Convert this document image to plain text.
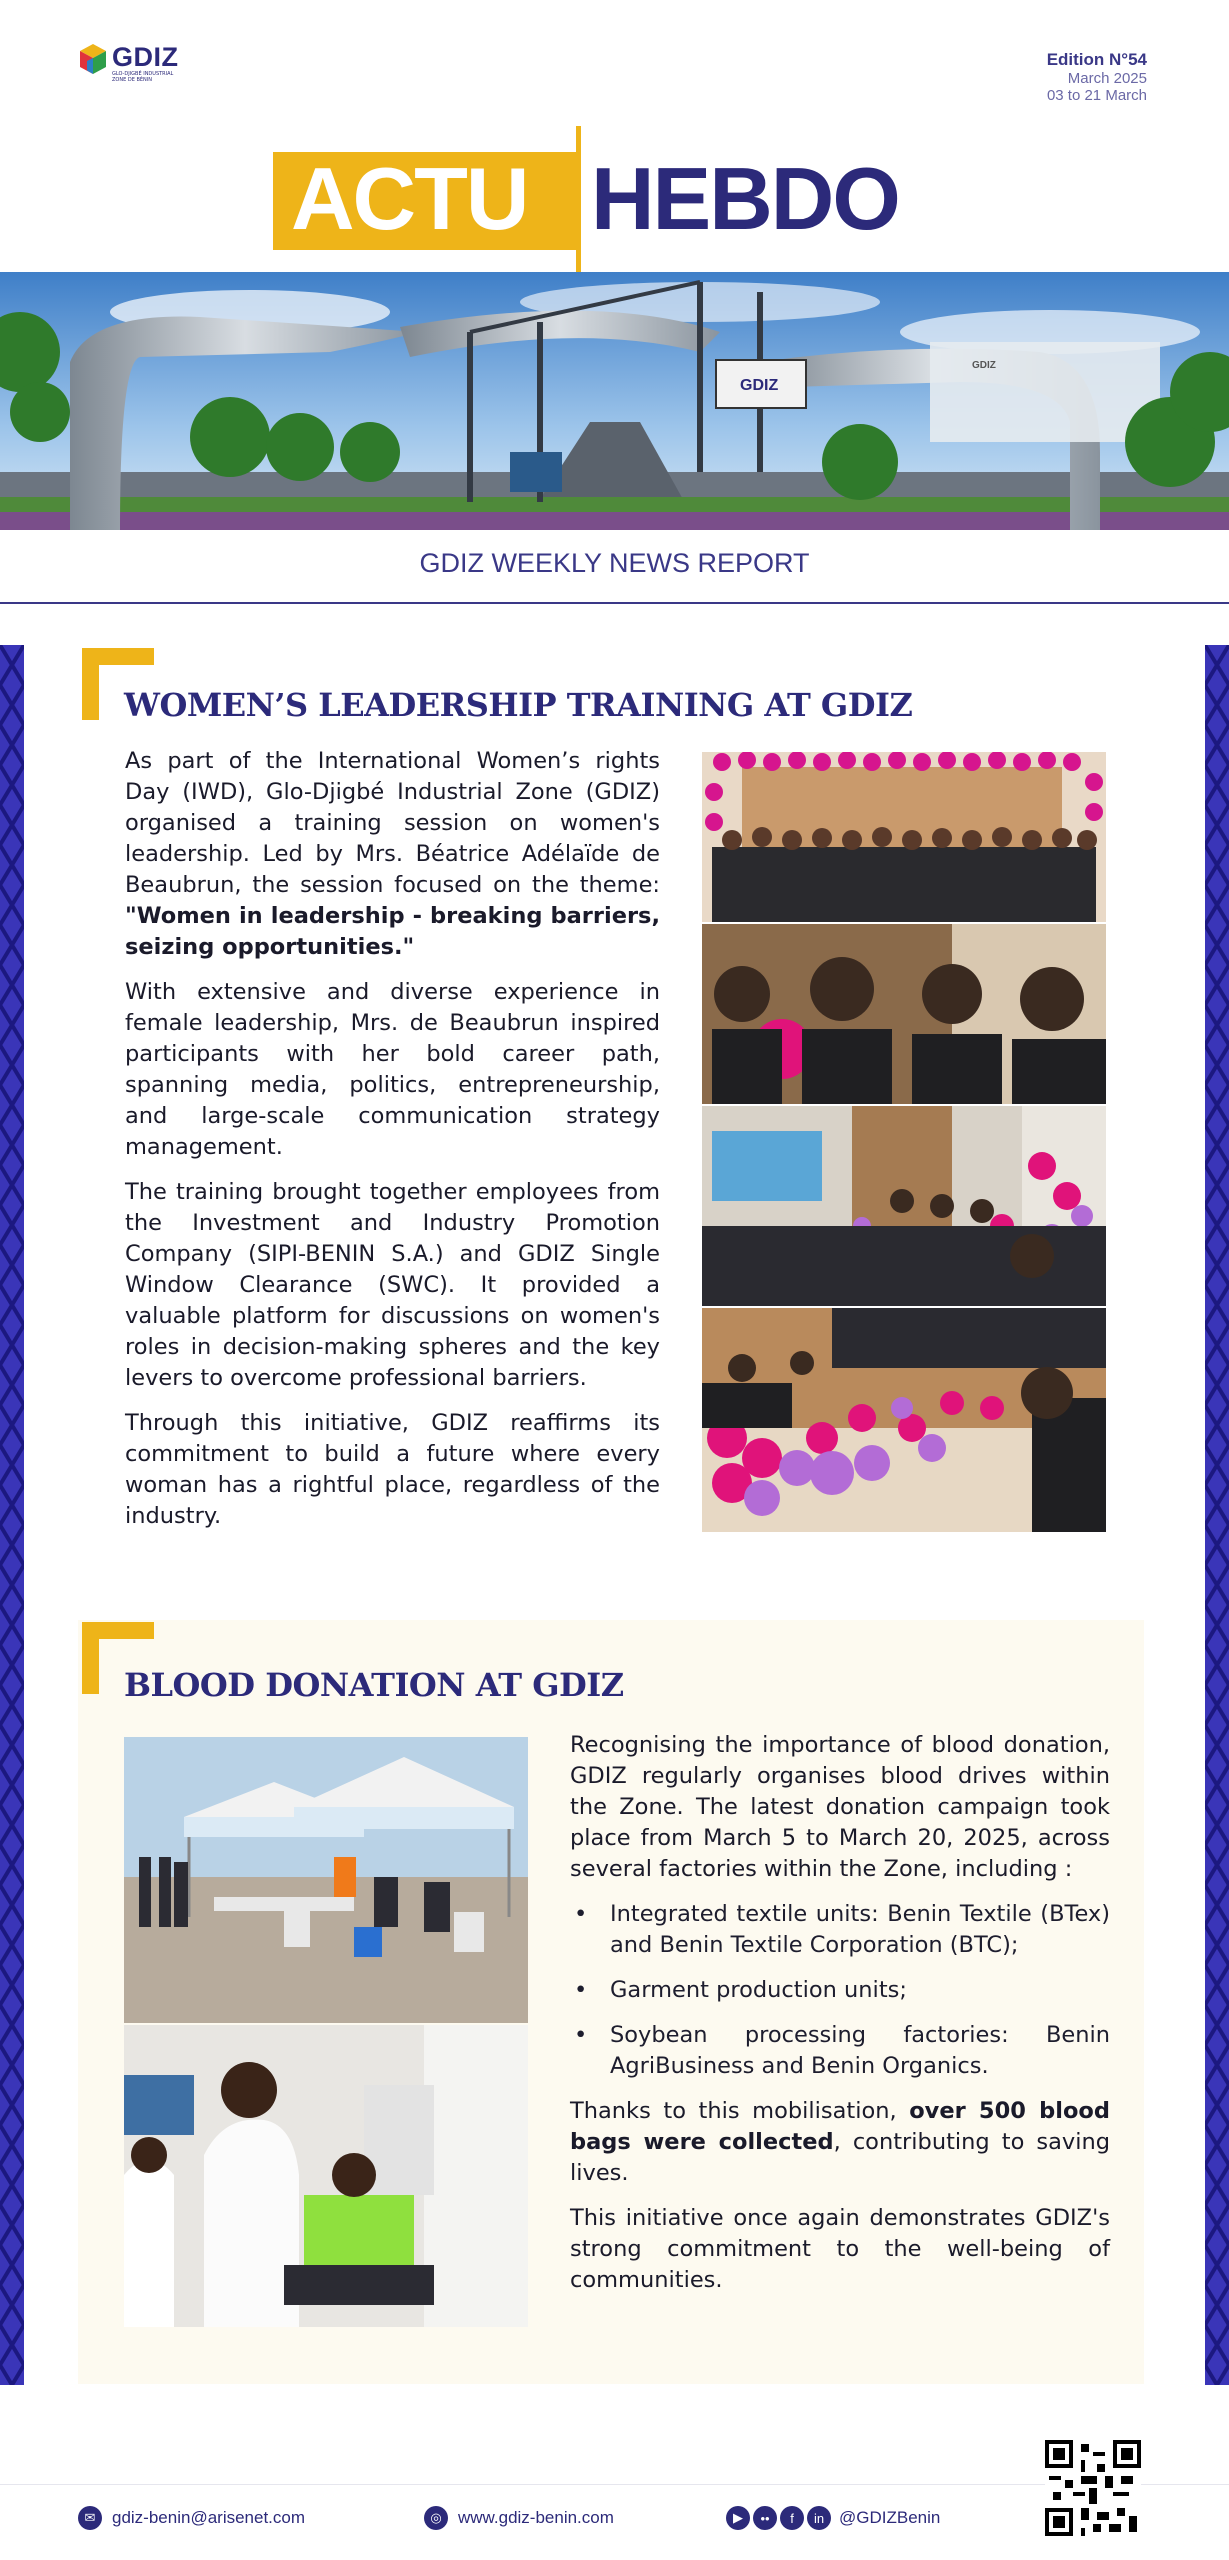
GDIZ
GLO-DJIGBÉ INDUSTRIAL ZONE DE BÉNIN
Edition N°54
March 2025
03 to 21 March
ACTU HEBDO
GDIZ
GDIZ
GDIZ WEEKLY NEWS REPORT
WOMEN’S LEADERSHIP TRAINING AT GDIZ

As part of the International Women’s rights Day (IWD), Glo-Djigbé Industrial Zone (GDIZ) organised a training session on women's leadership. Led by Mrs. Béatrice Adélaïde de Beaubrun, the session focused on the theme: "Women in leadership - breaking barriers, seizing opportunities."

With extensive and diverse experience in female leadership, Mrs. de Beaubrun inspired participants with her bold career path, spanning media, politics, entrepreneurship, and large-scale communication strategy management.

The training brought together employees from the Investment and Industry Promotion Company (SIPI-BENIN S.A.) and GDIZ Single Window Clearance (SWC). It provided a valuable platform for discussions on women's roles in decision-making spheres and the key levers to overcome professional barriers.

Through this initiative, GDIZ reaffirms its commitment to build a future where every woman has a rightful place, regardless of the industry.

BLOOD DONATION AT GDIZ

Recognising the importance of blood donation, GDIZ regularly organises blood drives within the Zone. The latest donation campaign took place from March 5 to March 20, 2025, across several factories within the Zone, including :

• Integrated textile units: Benin Textile (BTex) and Benin Textile Corporation (BTC);
• Garment production units;
• Soybean processing factories: Benin AgriBusiness and Benin Organics.

Thanks to this mobilisation, over 500 blood bags were collected, contributing to saving lives.

This initiative once again demonstrates GDIZ's strong commitment to the well-being of communities.

✉ gdiz-benin@arisenet.com	◎ www.gdiz-benin.com	▶	••	f	in @GDIZBenin
